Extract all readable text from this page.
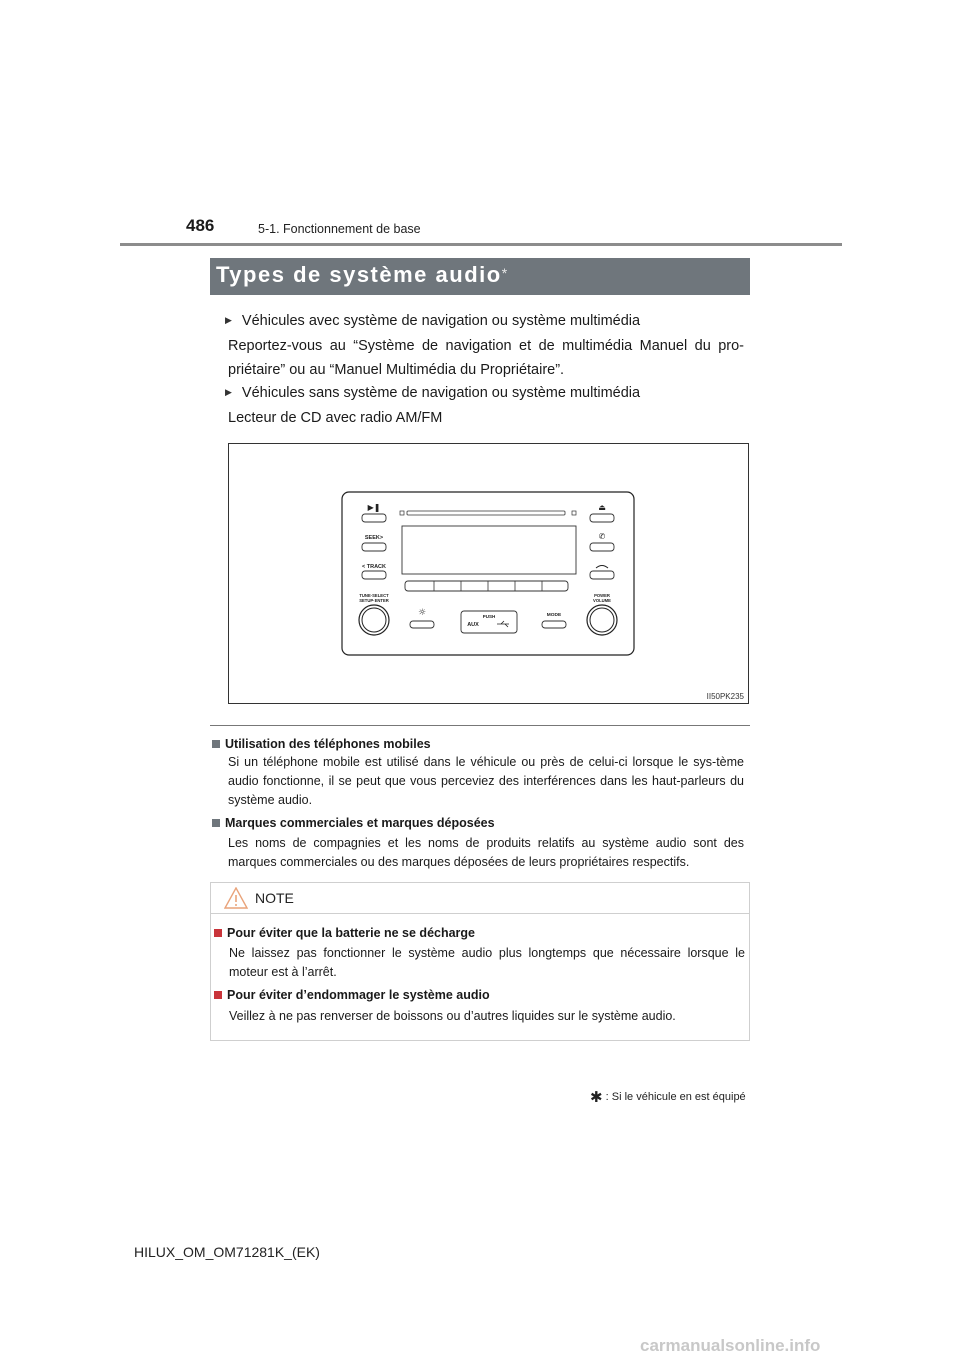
486	5-1. Fonctionnement de base
Types de système audio *
▶ Véhicules avec système de navigation ou système multimédia
Reportez-vous au “Système de navigation et de multimédia Manuel du pro-priétaire” ou au “Manuel Multimédia du Propriétaire”.
▶ Véhicules sans système de navigation ou système multimédia
Lecteur de CD avec radio AM/FM
▶❚
SEEK>
< TRACK
⏏
✆
TUNE·SELECT
SETUP·ENTER
POWER
VOLUME
☼	PUSH
AUX
MODE
II50PK235
Utilisation des téléphones mobiles
Si un téléphone mobile est utilisé dans le véhicule ou près de celui-ci lorsque le sys-tème audio fonctionne, il se peut que vous perceviez des interférences dans les haut-parleurs du système audio.
Marques commerciales et marques déposées
Les noms de compagnies et les noms de produits relatifs au système audio sont des marques commerciales ou des marques déposées de leurs propriétaires respectifs.
NOTE
Pour éviter que la batterie ne se décharge
Ne laissez pas fonctionner le système audio plus longtemps que nécessaire lorsque le moteur est à l’arrêt.
Pour éviter d’endommager le système audio
Veillez à ne pas renverser de boissons ou d’autres liquides sur le système audio.
✱ : Si le véhicule en est équipé
HILUX_OM_OM71281K_(EK)
carmanualsonline.info
